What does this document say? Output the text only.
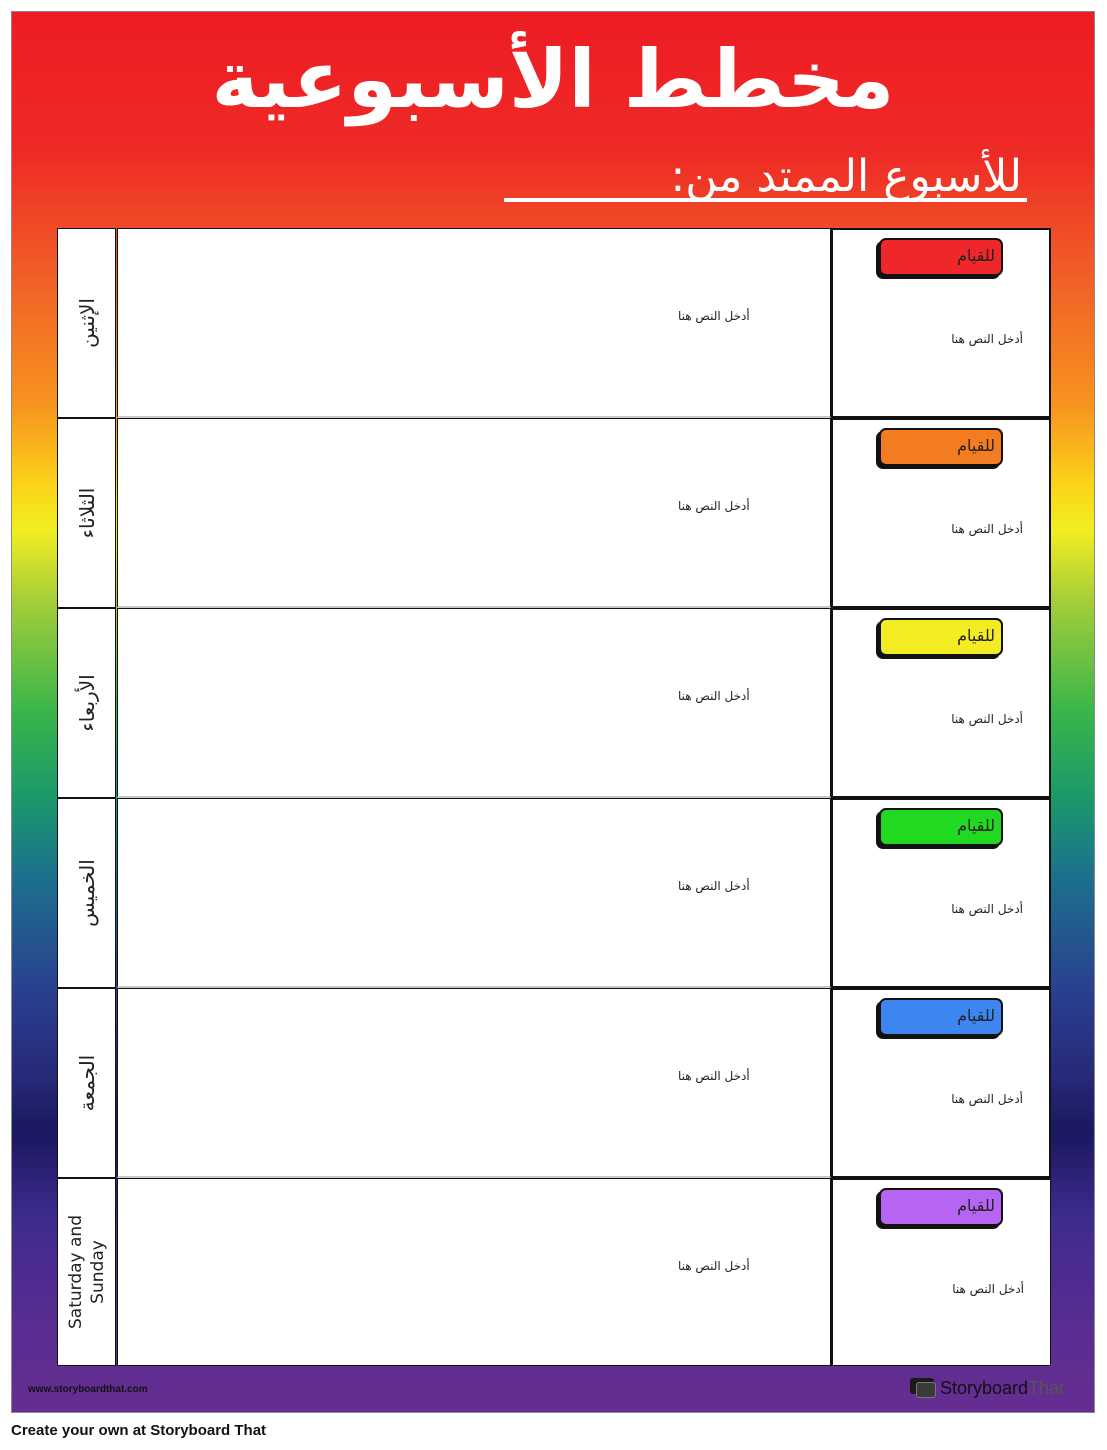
مخطط الأسبوعية
للأسبوع الممتد من:
الإثنين	أدخل النص هنا
للقيام
أدخل النص هنا
الثلاثاء	أدخل النص هنا
للقيام
أدخل النص هنا
الأربعاء	أدخل النص هنا
للقيام
أدخل النص هنا
الخميس	أدخل النص هنا
للقيام
أدخل النص هنا
الجمعة	أدخل النص هنا
للقيام
أدخل النص هنا
Saturday and Sunday	أدخل النص هنا
للقيام
أدخل النص هنا
www.storyboardthat.com	StoryboardThat
Create your own at Storyboard That
